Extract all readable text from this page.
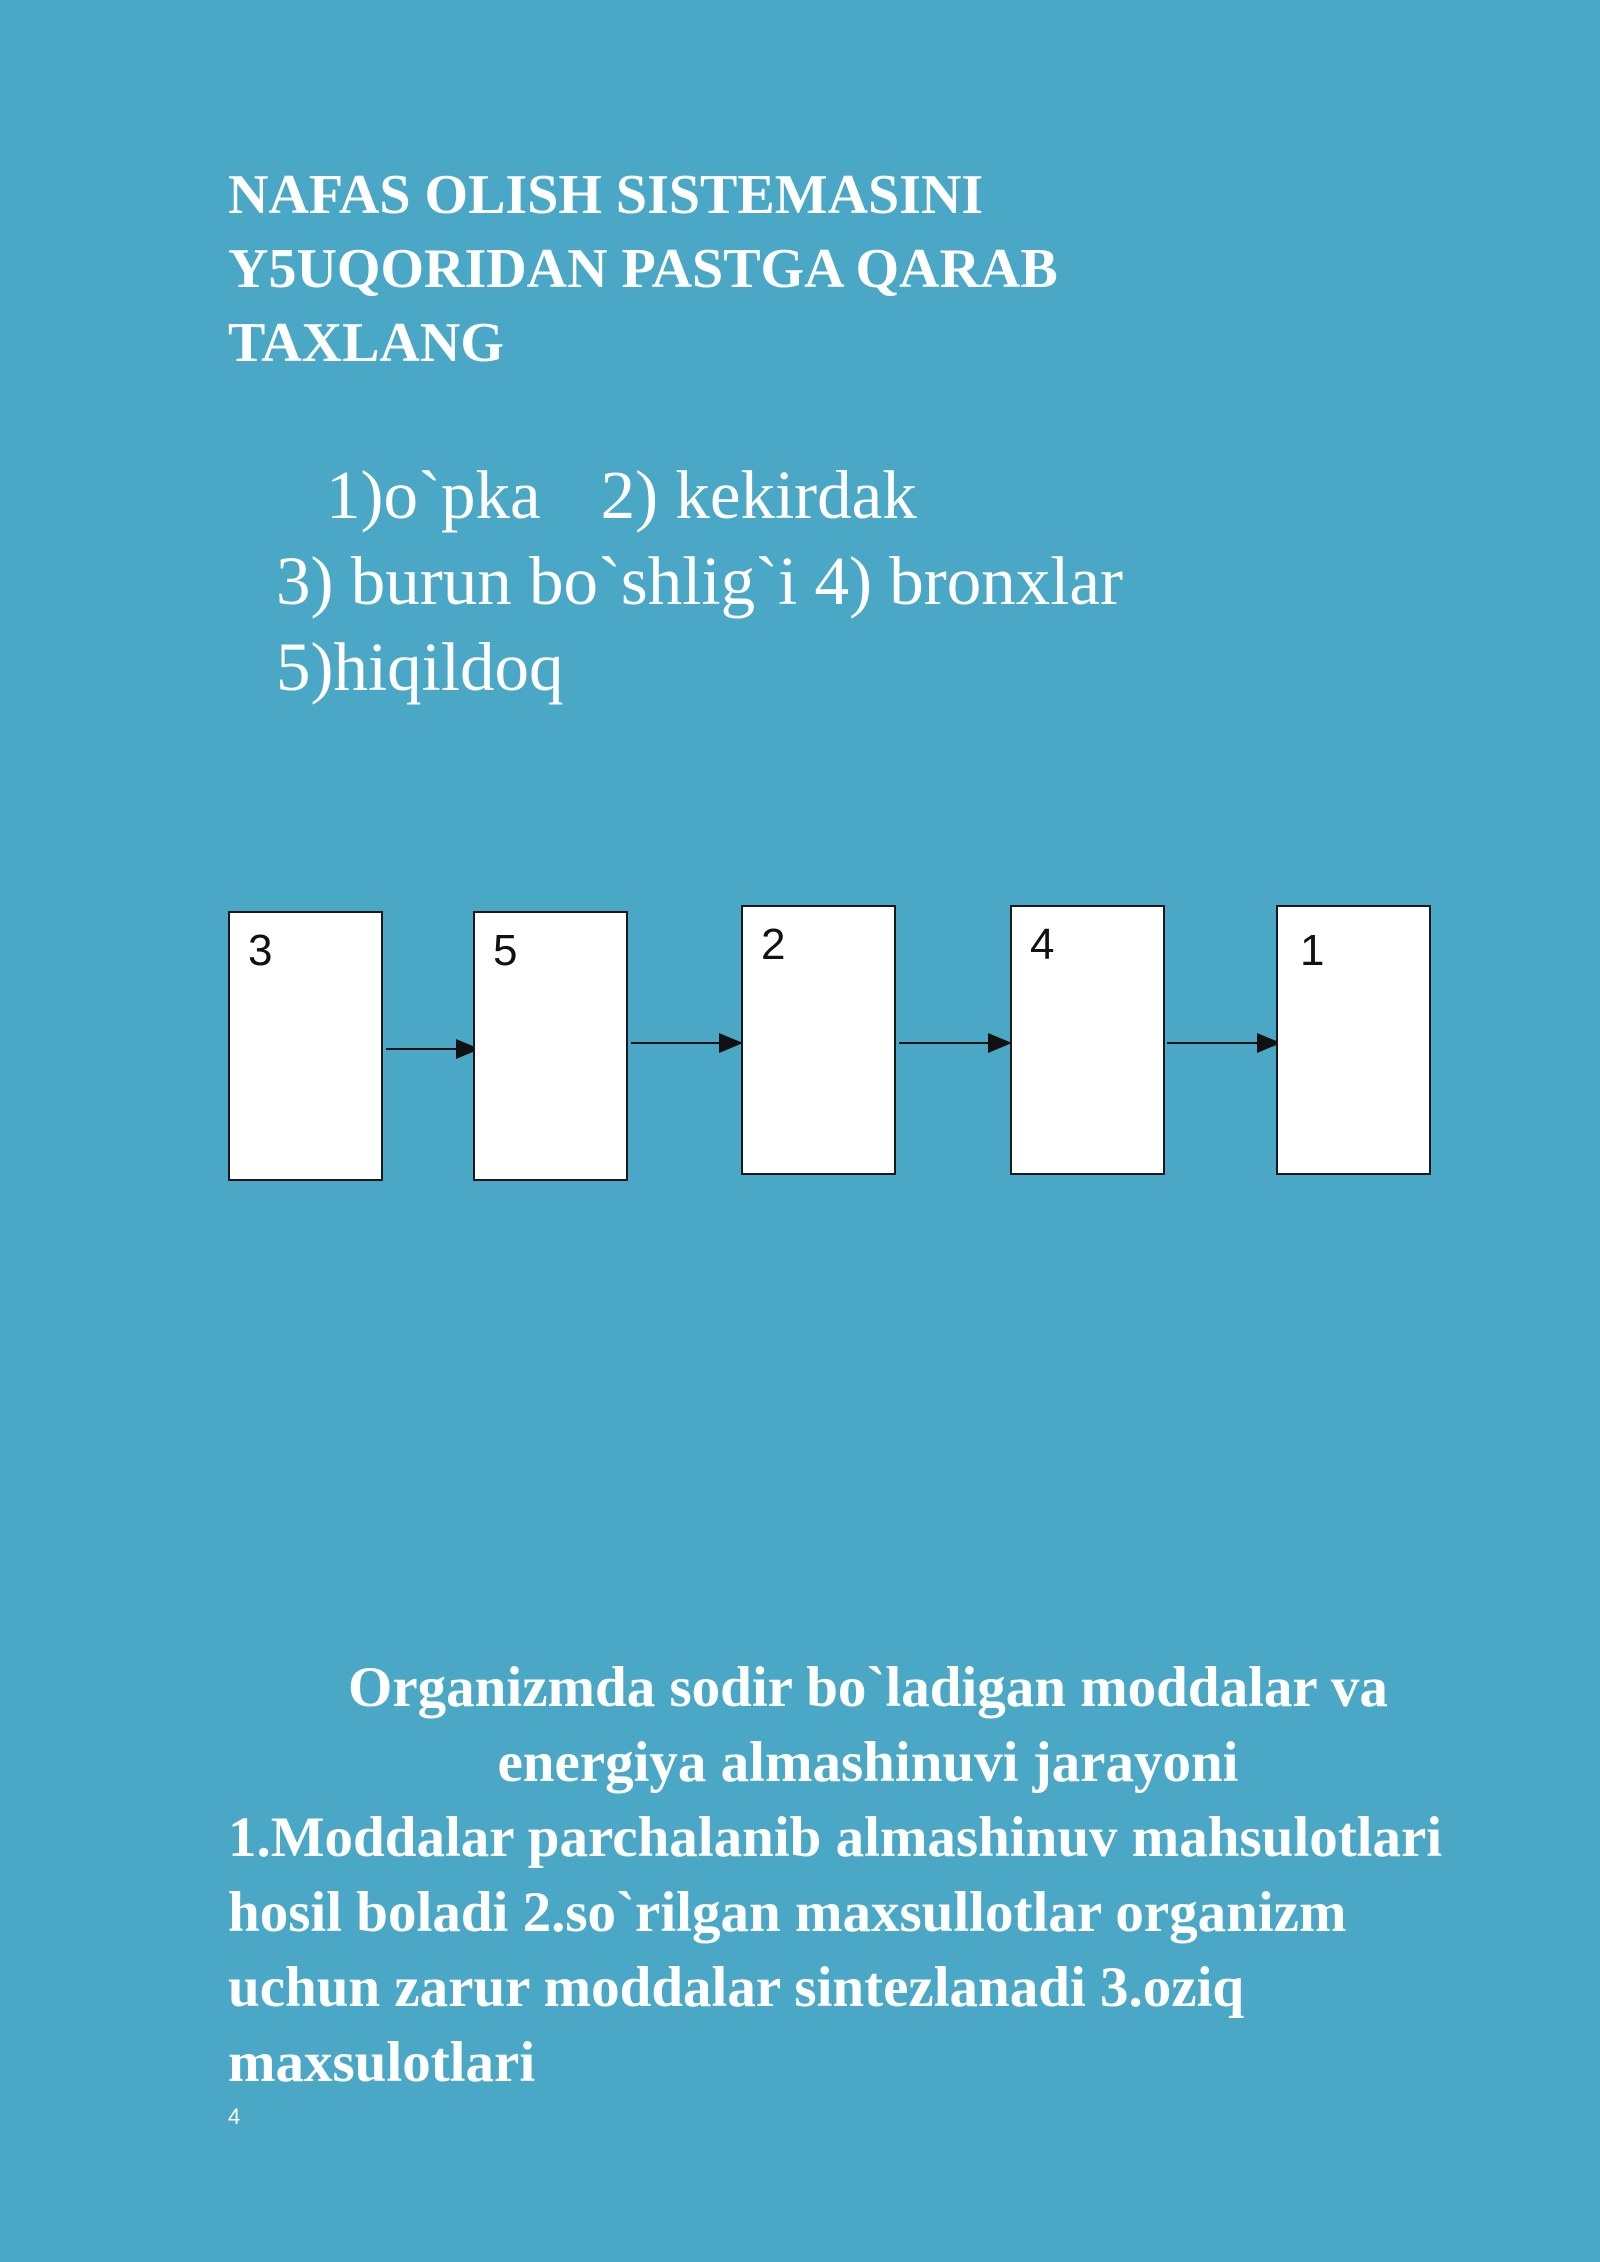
NAFAS OLISH SISTEMASINI Y5UQORIDAN PASTGA QARAB TAXLANG
1)o`pka 2) kekirdak
3) burun bo`shlig`i 4) bronxlar
5)hiqildoq
3	5	2	4	1
Organizmda sodir bo`ladigan moddalar va energiya almashinuvi jarayoni
1.Moddalar parchalanib almashinuv mahsulotlari hosil boladi 2.so`rilgan maxsullotlar organizm uchun zarur moddalar sintezlanadi 3.oziq maxsulotlari
4
